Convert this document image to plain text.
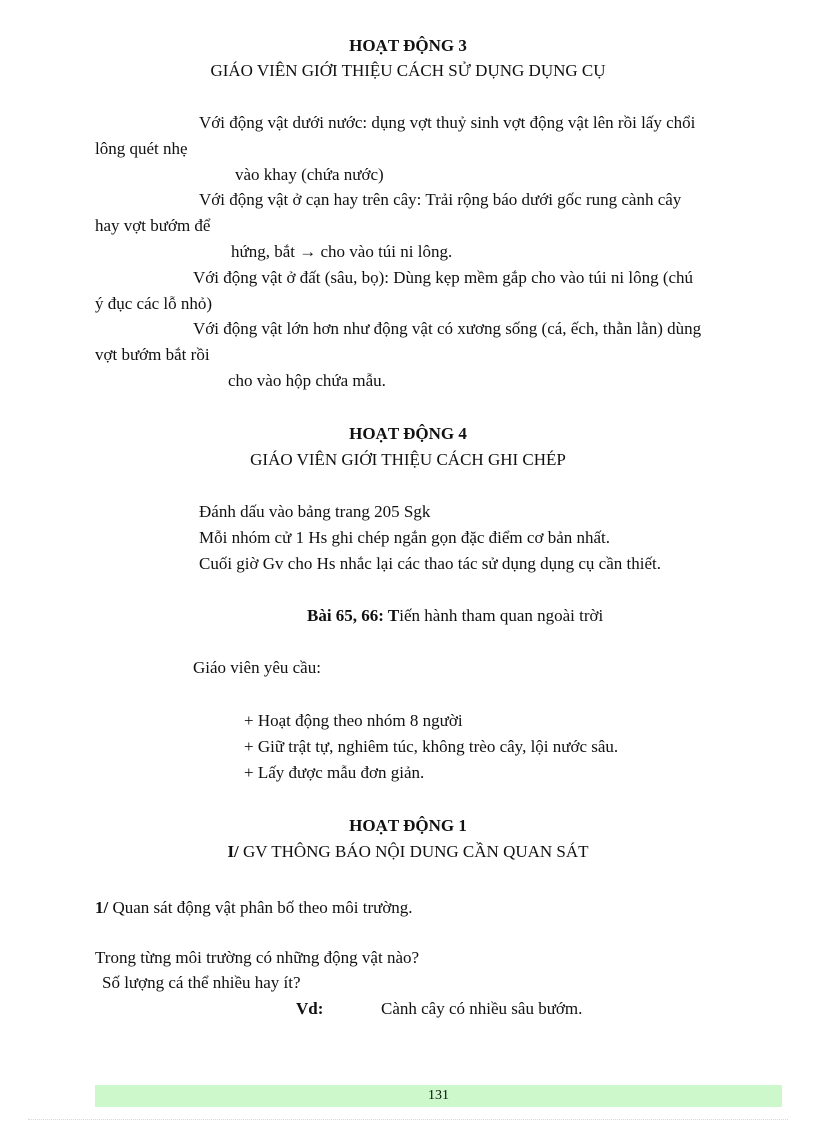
HOẠT ĐỘNG 3
GIÁO VIÊN GIỚI THIỆU CÁCH SỬ DỤNG DỤNG CỤ
Với động vật dưới nước: dụng vợt thuỷ sinh vợt động vật lên rồi lấy chổi
lông quét nhẹ
vào khay (chứa nước)
Với động vật ở cạn hay trên cây: Trải rộng báo dưới gốc rung cành cây
hay vợt bướm để
hứng, bắt → cho vào túi ni lông.
Với động vật ở đất (sâu, bọ): Dùng kẹp mềm gắp cho vào túi ni lông (chú
ý đục các lỗ nhỏ)
Với động vật lớn hơn như động vật có xương sống (cá, ếch, thằn lằn) dùng
vợt bướm bắt rồi
cho vào hộp chứa mẫu.
HOẠT ĐỘNG 4
GIÁO VIÊN GIỚI THIỆU CÁCH GHI CHÉP
Đánh dấu vào bảng trang 205 Sgk
Mỗi nhóm cử 1 Hs ghi chép ngắn gọn đặc điểm cơ bản nhất.
Cuối giờ Gv cho Hs nhắc lại các thao tác sử dụng dụng cụ cần thiết.
Bài 65, 66: Tiến hành tham quan ngoài trời
Giáo viên yêu cầu:
+ Hoạt động theo nhóm 8 người
+ Giữ trật tự, nghiêm túc, không trèo cây, lội nước sâu.
+ Lấy được mẫu đơn giản.
HOẠT ĐỘNG 1
I/ GV THÔNG BÁO NỘI DUNG CẦN QUAN SÁT
1/ Quan sát động vật phân bố theo môi trường.
Trong từng môi trường có những động vật nào?
Số lượng cá thể nhiều hay ít?
Vd:	Cành cây có nhiều sâu bướm.
131
